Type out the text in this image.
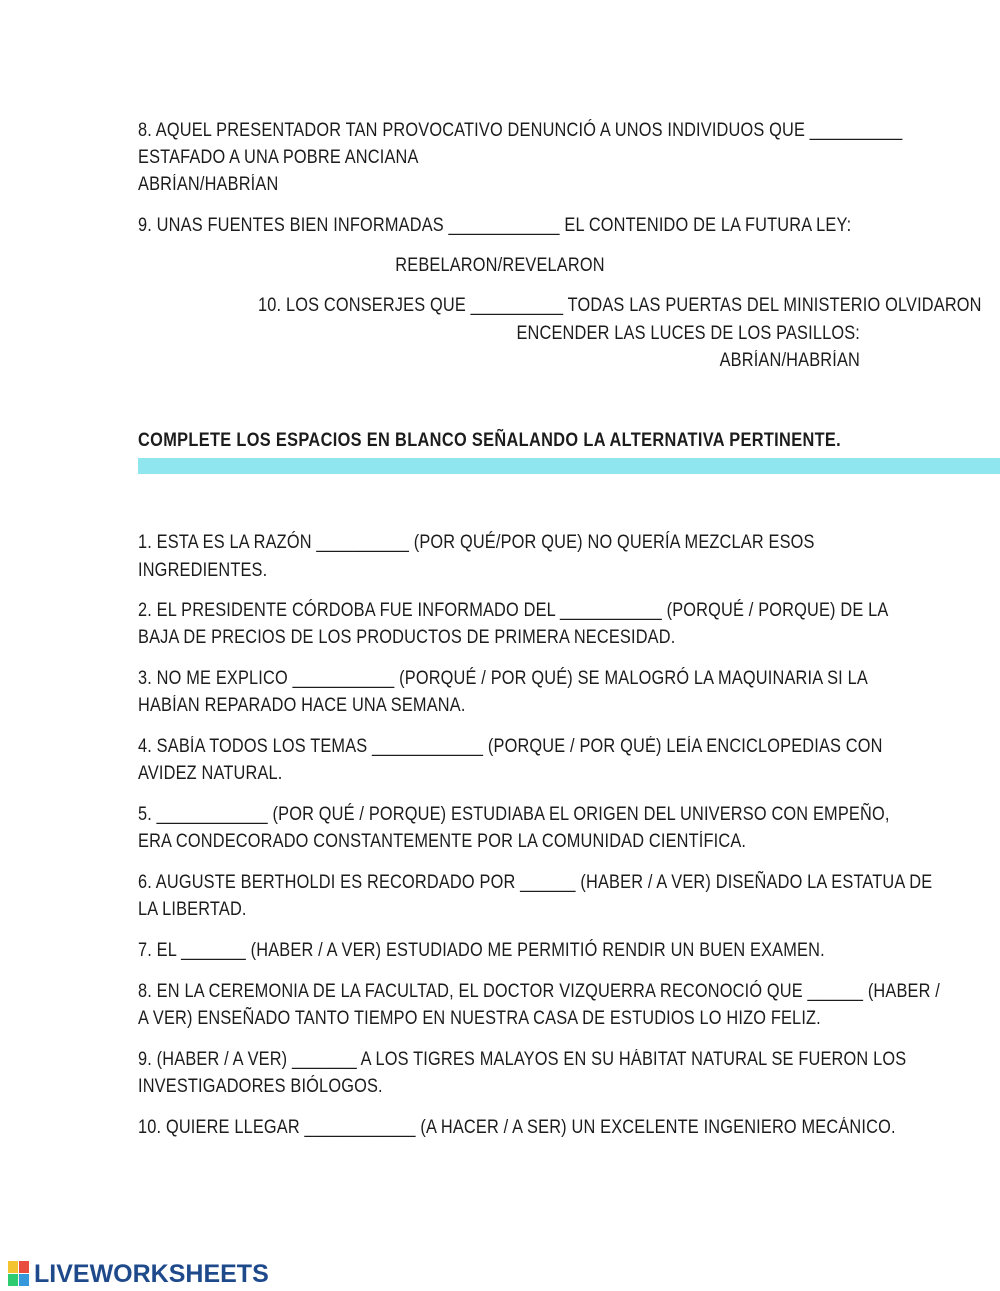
8. AQUEL PRESENTADOR TAN PROVOCATIVO DENUNCIÓ A UNOS INDIVIDUOS QUE __________

ESTAFADO A UNA POBRE ANCIANA

ABRÍAN/HABRÍAN

9. UNAS FUENTES BIEN INFORMADAS ____________ EL CONTENIDO DE LA FUTURA LEY:

REBELARON/REVELARON

10. LOS CONSERJES QUE __________ TODAS LAS PUERTAS DEL MINISTERIO OLVIDARON

ENCENDER LAS LUCES DE LOS PASILLOS:

ABRÍAN/HABRÍAN

COMPLETE LOS ESPACIOS EN BLANCO SEÑALANDO LA ALTERNATIVA PERTINENTE.

1. ESTA ES LA RAZÓN __________ (POR QUÉ/POR QUE) NO QUERÍA MEZCLAR ESOS

INGREDIENTES.

2. EL PRESIDENTE CÓRDOBA FUE INFORMADO DEL ___________ (PORQUÉ / PORQUE) DE LA

BAJA DE PRECIOS DE LOS PRODUCTOS DE PRIMERA NECESIDAD.

3. NO ME EXPLICO ___________ (PORQUÉ / POR QUÉ) SE MALOGRÓ LA MAQUINARIA SI LA

HABÍAN REPARADO HACE UNA SEMANA.

4. SABÍA TODOS LOS TEMAS ____________ (PORQUE / POR QUÉ) LEÍA ENCICLOPEDIAS CON

AVIDEZ NATURAL.

5. ____________ (POR QUÉ / PORQUE) ESTUDIABA EL ORIGEN DEL UNIVERSO CON EMPEÑO,

ERA CONDECORADO CONSTANTEMENTE POR LA COMUNIDAD CIENTÍFICA.

6. AUGUSTE BERTHOLDI ES RECORDADO POR ______ (HABER / A VER) DISEÑADO LA ESTATUA DE

LA LIBERTAD.

7. EL _______ (HABER / A VER) ESTUDIADO ME PERMITIÓ RENDIR UN BUEN EXAMEN.

8. EN LA CEREMONIA DE LA FACULTAD, EL DOCTOR VIZQUERRA RECONOCIÓ QUE ______ (HABER /

A VER) ENSEÑADO TANTO TIEMPO EN NUESTRA CASA DE ESTUDIOS LO HIZO FELIZ.

9. (HABER / A VER) _______ A LOS TIGRES MALAYOS EN SU HÁBITAT NATURAL SE FUERON LOS

INVESTIGADORES BIÓLOGOS.

10. QUIERE LLEGAR ____________ (A HACER / A SER) UN EXCELENTE INGENIERO MECÁNICO.

LIVEWORKSHEETS
